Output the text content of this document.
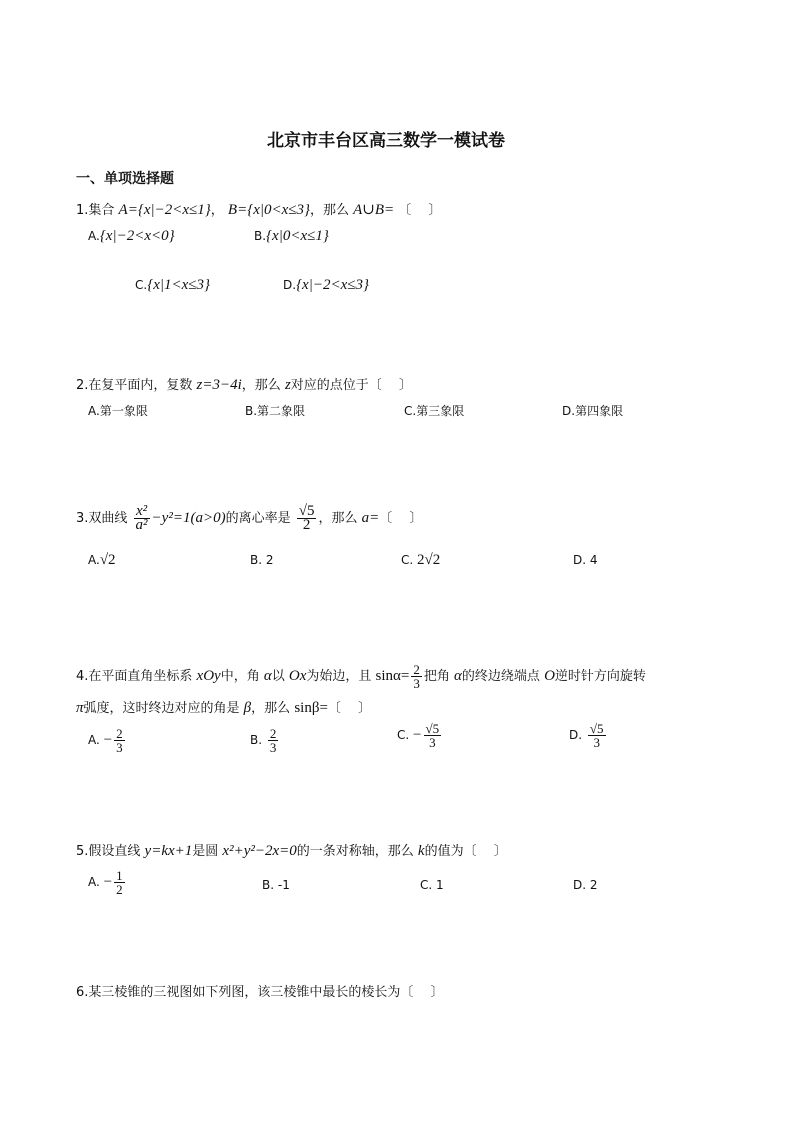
北京市丰台区高三数学一模试卷
一、单项选择题
1.集合 A={x|−2<x≤1}， B={x|0<x≤3}，那么 A∪B= 〔　 〕
A.{x|−2<x<0}	B.{x|0<x≤1}
C.{x|1<x≤3}	D.{x|−2<x≤3}
2.在复平面内，复数 z=3−4i，那么 z对应的点位于〔　 〕
A.第一象限	B.第二象限	C.第三象限	D.第四象限
3.双曲线 $\frac{\text{x²}}{\text{a²}} -y^2=1(a>0)$的离心率是 $\frac{√5}{2}$ ，那么 a=〔　 〕
A.√2	B. 2	C. 2√2	D. 4
4.在平面直角坐标系 xOy中，角 α以 Ox为始边，且 $\sin\alpha= \frac{2}{3}$ 把角 α的终边绕端点 O逆时针方向旋转
π弧度，这时终边对应的角是 β，那么 sinβ=〔　 〕
A. − $\frac{2}{3}$	B. $\frac{2}{3}$	C. − $\frac{√5}{3}$	D. $\frac{√5}{3}$
5.假设直线 y=kx+1是圆 x²+y²−2x=0的一条对称轴，那么 k的值为〔　 〕
A. − $\frac{1}{2}$	B. -1	C. 1	D. 2
6.某三棱锥的三视图如下列图，该三棱锥中最长的棱长为〔　 〕
